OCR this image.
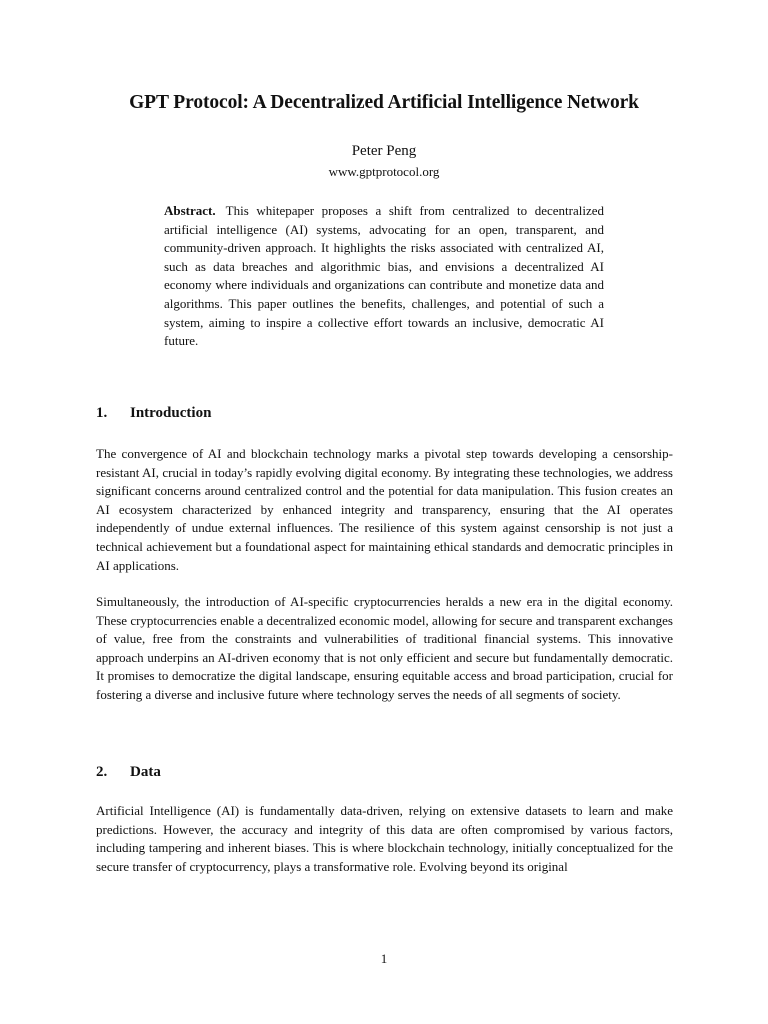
GPT Protocol: A Decentralized Artificial Intelligence Network
Peter Peng
www.gptprotocol.org

Abstract. This whitepaper proposes a shift from centralized to decentralized artificial intelligence (AI) systems, advocating for an open, transparent, and community-driven approach. It highlights the risks associated with centralized AI, such as data breaches and algorithmic bias, and envisions a decentralized AI economy where individuals and organizations can contribute and monetize data and algorithms. This paper outlines the benefits, challenges, and potential of such a system, aiming to inspire a collective effort towards an inclusive, democratic AI future.

1. Introduction

The convergence of AI and blockchain technology marks a pivotal step towards developing a censorship-resistant AI, crucial in today’s rapidly evolving digital economy. By integrating these technologies, we address significant concerns around centralized control and the potential for data manipulation. This fusion creates an AI ecosystem characterized by enhanced integrity and transparency, ensuring that the AI operates independently of undue external influences. The resilience of this system against censorship is not just a technical achievement but a foundational aspect for maintaining ethical standards and democratic principles in AI applications.

Simultaneously, the introduction of AI-specific cryptocurrencies heralds a new era in the digital economy. These cryptocurrencies enable a decentralized economic model, allowing for secure and transparent exchanges of value, free from the constraints and vulnerabilities of traditional financial systems. This innovative approach underpins an AI-driven economy that is not only efficient and secure but fundamentally democratic. It promises to democratize the digital landscape, ensuring equitable access and broad participation, crucial for fostering a diverse and inclusive future where technology serves the needs of all segments of society.

2. Data

Artificial Intelligence (AI) is fundamentally data-driven, relying on extensive datasets to learn and make predictions. However, the accuracy and integrity of this data are often compromised by various factors, including tampering and inherent biases. This is where blockchain technology, initially conceptualized for the secure transfer of cryptocurrency, plays a transformative role. Evolving beyond its original

1
